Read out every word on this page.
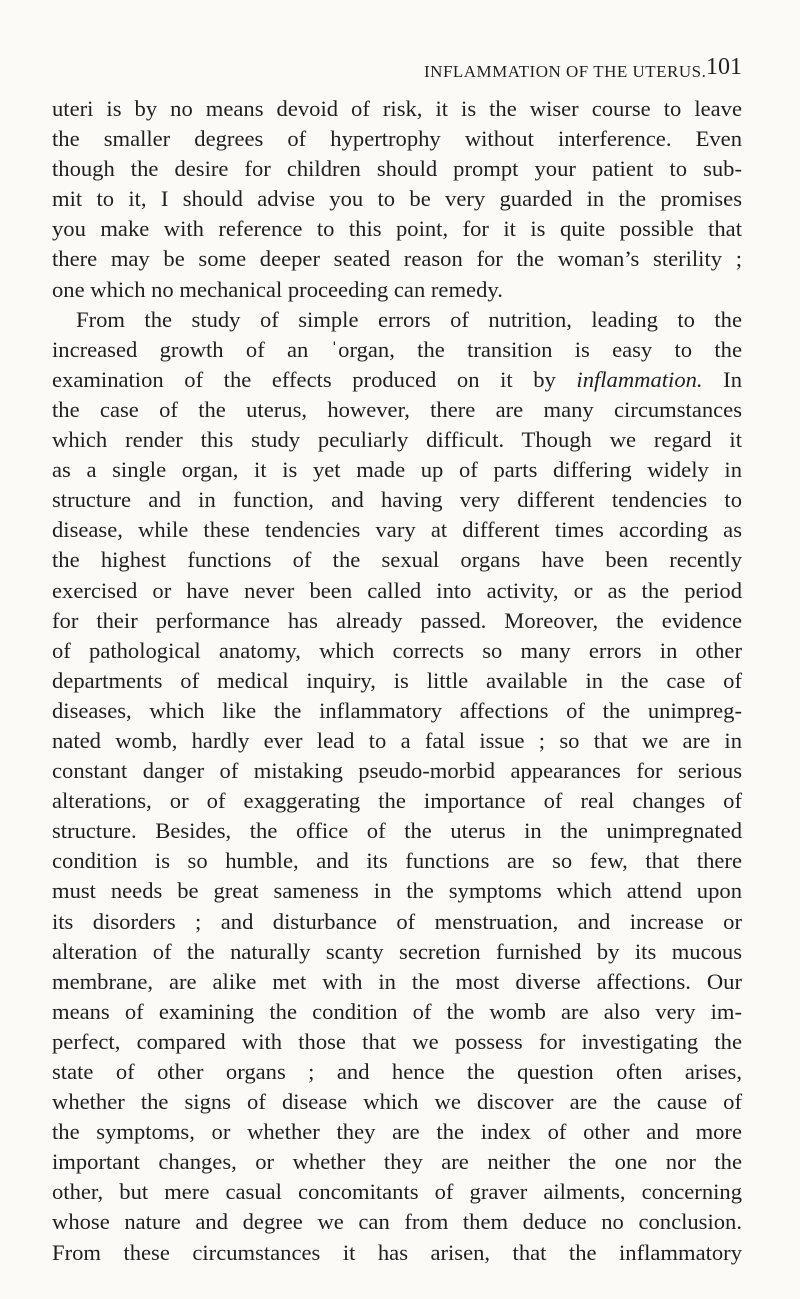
INFLAMMATION OF THE UTERUS. 101
uteri is by no means devoid of risk, it is the wiser course to leave
the smaller degrees of hypertrophy without interference. Even
though the desire for children should prompt your patient to sub-
mit to it, I should advise you to be very guarded in the promises
you make with reference to this point, for it is quite possible that
there may be some deeper seated reason for the woman’s sterility ;
one which no mechanical proceeding can remedy.
From the study of simple errors of nutrition, leading to the
increased growth of an ˈorgan, the transition is easy to the
examination of the effects produced on it by inflammation. In
the case of the uterus, however, there are many circumstances
which render this study peculiarly difficult. Though we regard it
as a single organ, it is yet made up of parts differing widely in
structure and in function, and having very different tendencies to
disease, while these tendencies vary at different times according as
the highest functions of the sexual organs have been recently
exercised or have never been called into activity, or as the period
for their performance has already passed. Moreover, the evidence
of pathological anatomy, which corrects so many errors in other
departments of medical inquiry, is little available in the case of
diseases, which like the inflammatory affections of the unimpreg-
nated womb, hardly ever lead to a fatal issue ; so that we are in
constant danger of mistaking pseudo-morbid appearances for serious
alterations, or of exaggerating the importance of real changes of
structure. Besides, the office of the uterus in the unimpregnated
condition is so humble, and its functions are so few, that there
must needs be great sameness in the symptoms which attend upon
its disorders ; and disturbance of menstruation, and increase or
alteration of the naturally scanty secretion furnished by its mucous
membrane, are alike met with in the most diverse affections. Our
means of examining the condition of the womb are also very im-
perfect, compared with those that we possess for investigating the
state of other organs ; and hence the question often arises,
whether the signs of disease which we discover are the cause of
the symptoms, or whether they are the index of other and more
important changes, or whether they are neither the one nor the
other, but mere casual concomitants of graver ailments, concerning
whose nature and degree we can from them deduce no conclusion.
From these circumstances it has arisen, that the inflammatory
